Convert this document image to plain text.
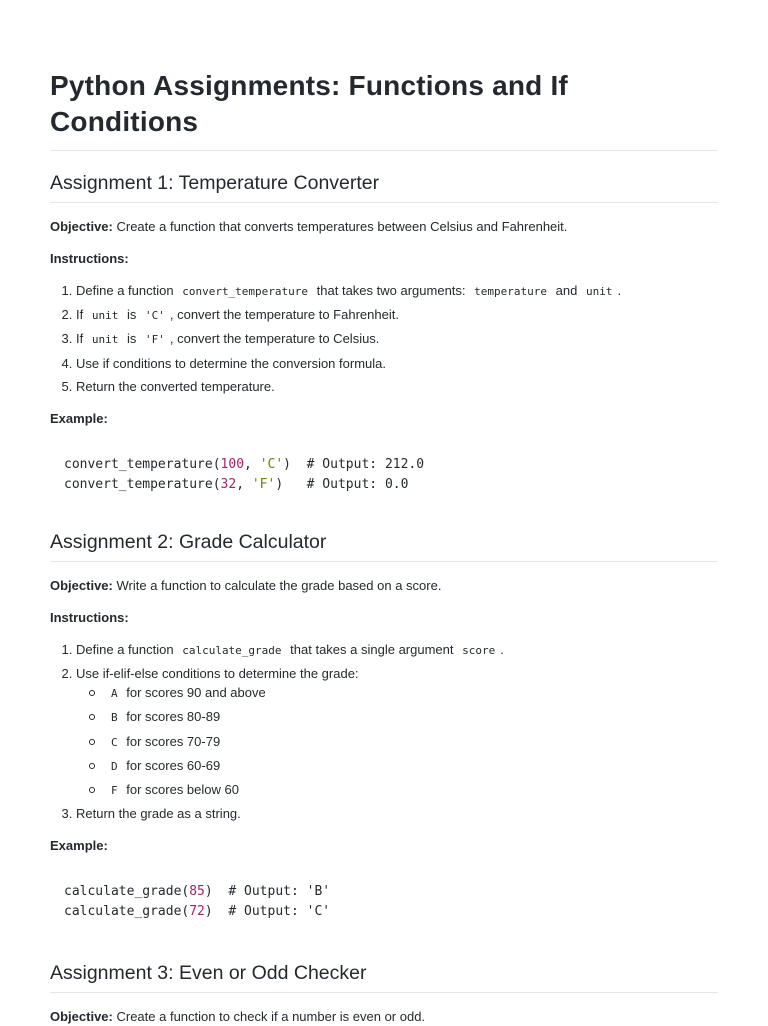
Python Assignments: Functions and If Conditions
Assignment 1: Temperature Converter

Objective: Create a function that converts temperatures between Celsius and Fahrenheit.

Instructions:

1. Define a function convert_temperature that takes two arguments: temperature and unit .
2. If unit is 'C' , convert the temperature to Fahrenheit.
3. If unit is 'F' , convert the temperature to Celsius.
4. Use if conditions to determine the conversion formula.
5. Return the converted temperature.

Example:

convert_temperature(100, 'C')  # Output: 212.0
convert_temperature(32, 'F')   # Output: 0.0
Assignment 2: Grade Calculator

Objective: Write a function to calculate the grade based on a score.

Instructions:

1. Define a function calculate_grade that takes a single argument score .
2. Use if-elif-else conditions to determine the grade:
A for scores 90 and above
B for scores 80-89
C for scores 70-79
D for scores 60-69
F for scores below 60
3. Return the grade as a string.

Example:

calculate_grade(85)  # Output: 'B'
calculate_grade(72)  # Output: 'C'
Assignment 3: Even or Odd Checker

Objective: Create a function to check if a number is even or odd.
